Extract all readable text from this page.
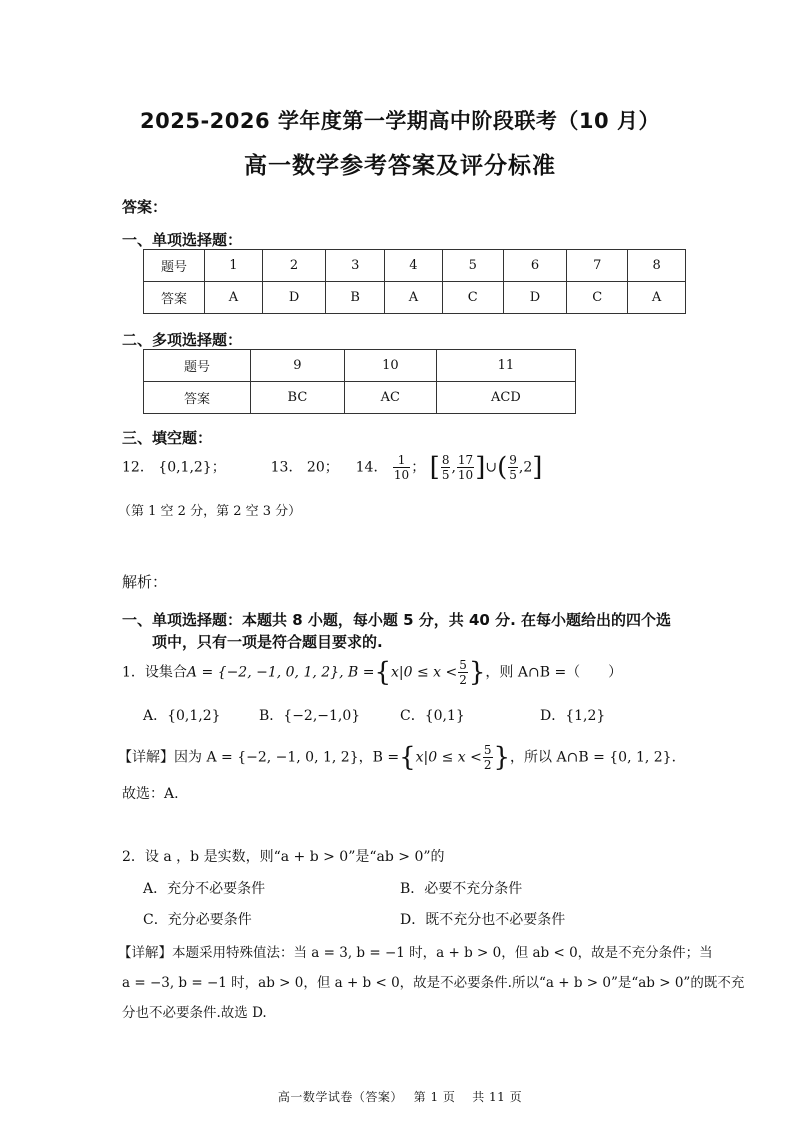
2025-2026 学年度第一学期高中阶段联考（10 月）
高一数学参考答案及评分标准
答案：
一、单项选择题：
题号	1	2	3	4	5	6	7	8
答案	A	D	B	A	C	D	C	A
二、多项选择题：
题号	9	10	11
答案	BC	AC	ACD
三、填空题：
12． {0,1,2}；	13． 20； 14． $\frac{1}{10}$ ； [ $\frac{8}{5}$ , $\frac{17}{10}$ ]∪( $\frac{9}{5} ,2$]
（第 1 空 2 分，第 2 空 3 分）
解析：
一、单项选择题：本题共 8 小题，每小题 5 分，共 40 分. 在每小题给出的四个选
项中，只有一项是符合题目要求的.
1．设集合A = {−2, −1, 0, 1, 2}, $B =\{x|0 \le x < \frac{5}{2}$ }，则 A∩B =（　　）
A．{0,1,2}	B．{−2,−1,0}	C．{0,1}	D．{1,2}
【详解】因为 A = {−2, −1, 0, 1, 2}，$B =\{x|0 \le x < \frac{5}{2}$ }，所以 A∩B = {0, 1, 2}．
故选：A.
2．设 a ，b 是实数，则“a + b > 0”是“ab > 0”的
A．充分不必要条件	B．必要不充分条件
C．充分必要条件	D．既不充分也不必要条件
【详解】本题采用特殊值法：当 a = 3, b = −1 时，a + b > 0，但 ab < 0，故是不充分条件；当
a = −3, b = −1 时，ab > 0，但 a + b < 0，故是不必要条件.所以“a + b > 0”是“ab > 0”的既不充
分也不必要条件.故选 D.
高一数学试卷（答案）　 第 1 页　 共 11 页
